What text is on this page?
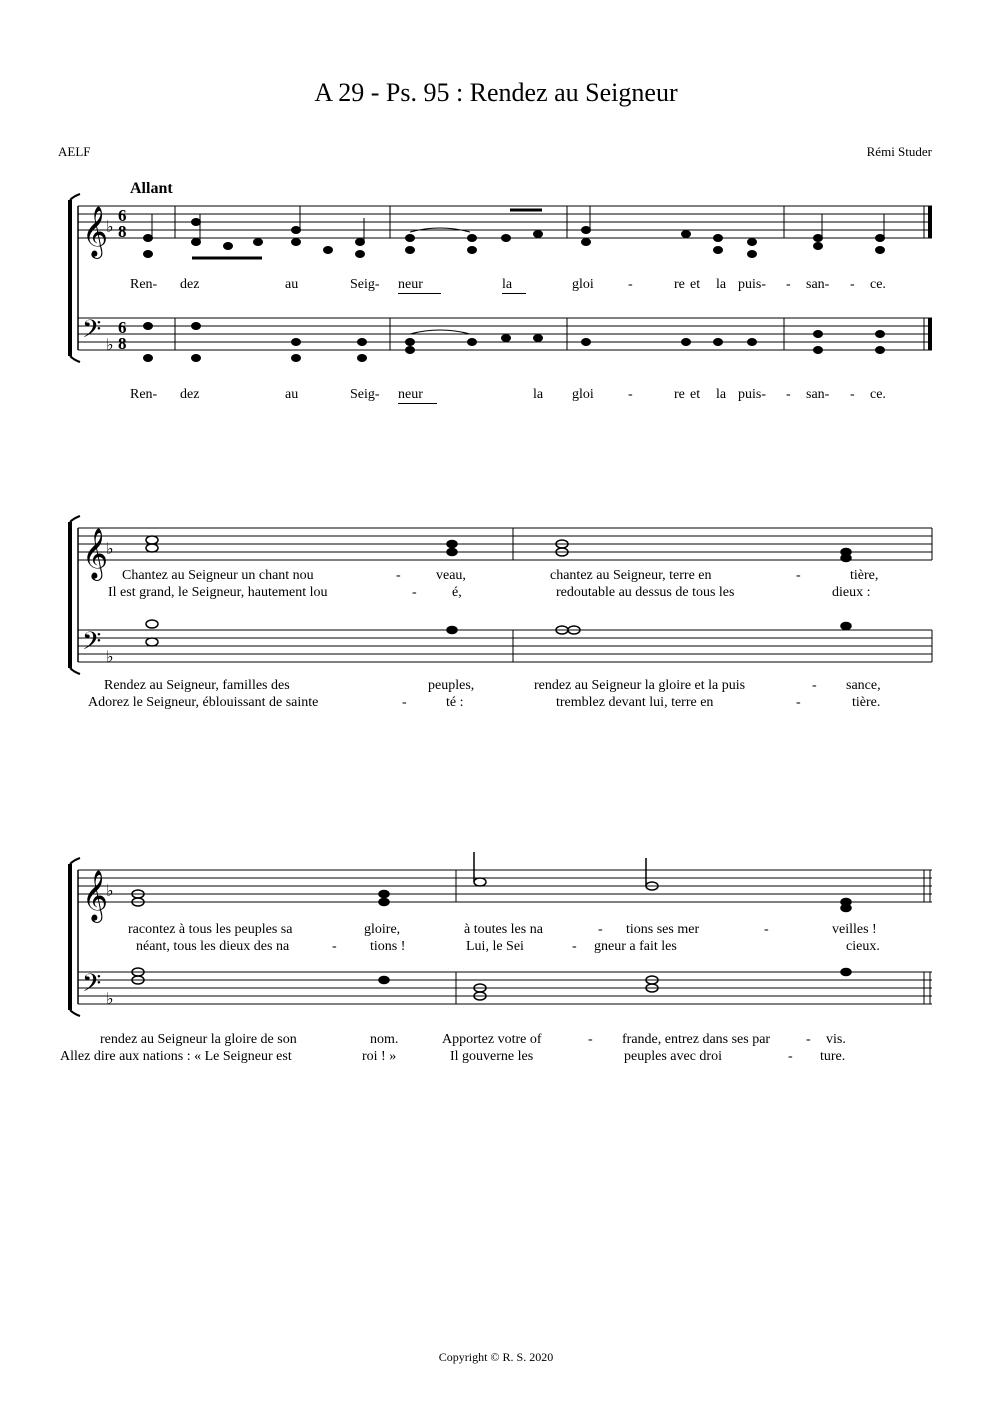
A 29 - Ps. 95 : Rendez au Seigneur
AELF	Rémi Studer
Allant
𝄞
𝄢
𝄞
𝄢
𝄞
𝄢
♭
♭
♭
♭
♭
♭
6
8
6
8
Ren- dez	au	Seig- neur	la	gloi -	re et la puis- - san- - ce.
Ren- dez	au	Seig- neur	la gloi -	re et la puis- - san- - ce.
Chantez au Seigneur un chant nou	-	veau,	chantez au Seigneur, terre en	-	tière,
Il est grand, le Seigneur, hautement lou	-	é,	redoutable au dessus de tous les	dieux :
Rendez au Seigneur, familles des	peuples,	rendez au Seigneur la gloire et la puis	- sance,
Adorez le Seigneur, éblouissant de sainte	-	té :	tremblez devant lui, terre en	-	tière.
racontez à tous les peuples sa	gloire,	à toutes les na	- tions ses mer	-	veilles !
néant, tous les dieux des na	- tions !	Lui, le Sei	- gneur a fait les	cieux.
rendez au Seigneur la gloire de son	nom.	Apportez votre of	- frande, entrez dans ses par	- vis.
Allez dire aux nations : « Le Seigneur est	roi ! »	Il gouverne les	peuples avec droi	- ture.
Copyright © R. S. 2020
